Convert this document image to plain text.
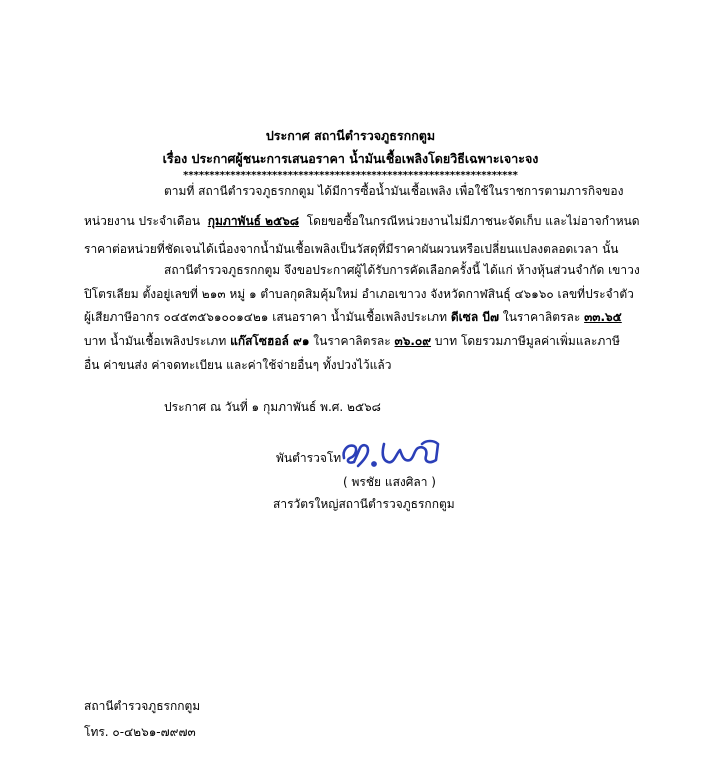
ประกาศ สถานีตำรวจภูธรกกตูม
เรื่อง ประกาศผู้ชนะการเสนอราคา น้ำมันเชื้อเพลิงโดยวิธีเฉพาะเจาะจง
****************************************************************
ตามที่ สถานีตำรวจภูธรกกตูม ได้มีการซื้อน้ำมันเชื้อเพลิง เพื่อใช้ในราชการตามภารกิจของ
หน่วยงาน ประจำเดือน กุมภาพันธ์ ๒๕๖๘ โดยขอซื้อในกรณีหน่วยงานไม่มีภาชนะจัดเก็บ และไม่อาจกำหนด
ราคาต่อหน่วยที่ชัดเจนได้เนื่องจากน้ำมันเชื้อเพลิงเป็นวัสดุที่มีราคาผันผวนหรือเปลี่ยนแปลงตลอดเวลา นั้น
สถานีตำรวจภูธรกกตูม จึงขอประกาศผู้ได้รับการคัดเลือกครั้งนี้ ได้แก่ ห้างหุ้นส่วนจำกัด เขาวง
ปิโตรเลียม ตั้งอยู่เลขที่ ๒๑๓ หมู่ ๑ ตำบลกุดสิมคุ้มใหม่ อำเภอเขาวง จังหวัดกาฬสินธุ์ ๔๖๑๖๐ เลขที่ประจำตัว
ผู้เสียภาษีอากร ๐๔๕๓๕๖๑๐๐๑๔๒๑ เสนอราคา น้ำมันเชื้อเพลิงประเภท ดีเซล บี๗ ในราคาลิตรละ ๓๓.๖๕
บาท น้ำมันเชื้อเพลิงประเภท แก๊สโซฮอล์ ๙๑ ในราคาลิตรละ ๓๖.๐๙ บาท โดยรวมภาษีมูลค่าเพิ่มและภาษี
อื่น ค่าขนส่ง ค่าจดทะเบียน และค่าใช้จ่ายอื่นๆ ทั้งปวงไว้แล้ว
ประกาศ ณ วันที่ ๑ กุมภาพันธ์ พ.ศ. ๒๕๖๘
พันตำรวจโท
( พรชัย แสงศิลา )
สารวัตรใหญ่สถานีตำรวจภูธรกกตูม
สถานีตำรวจภูธรกกตูม
โทร. ๐-๔๒๖๑-๗๙๗๓
